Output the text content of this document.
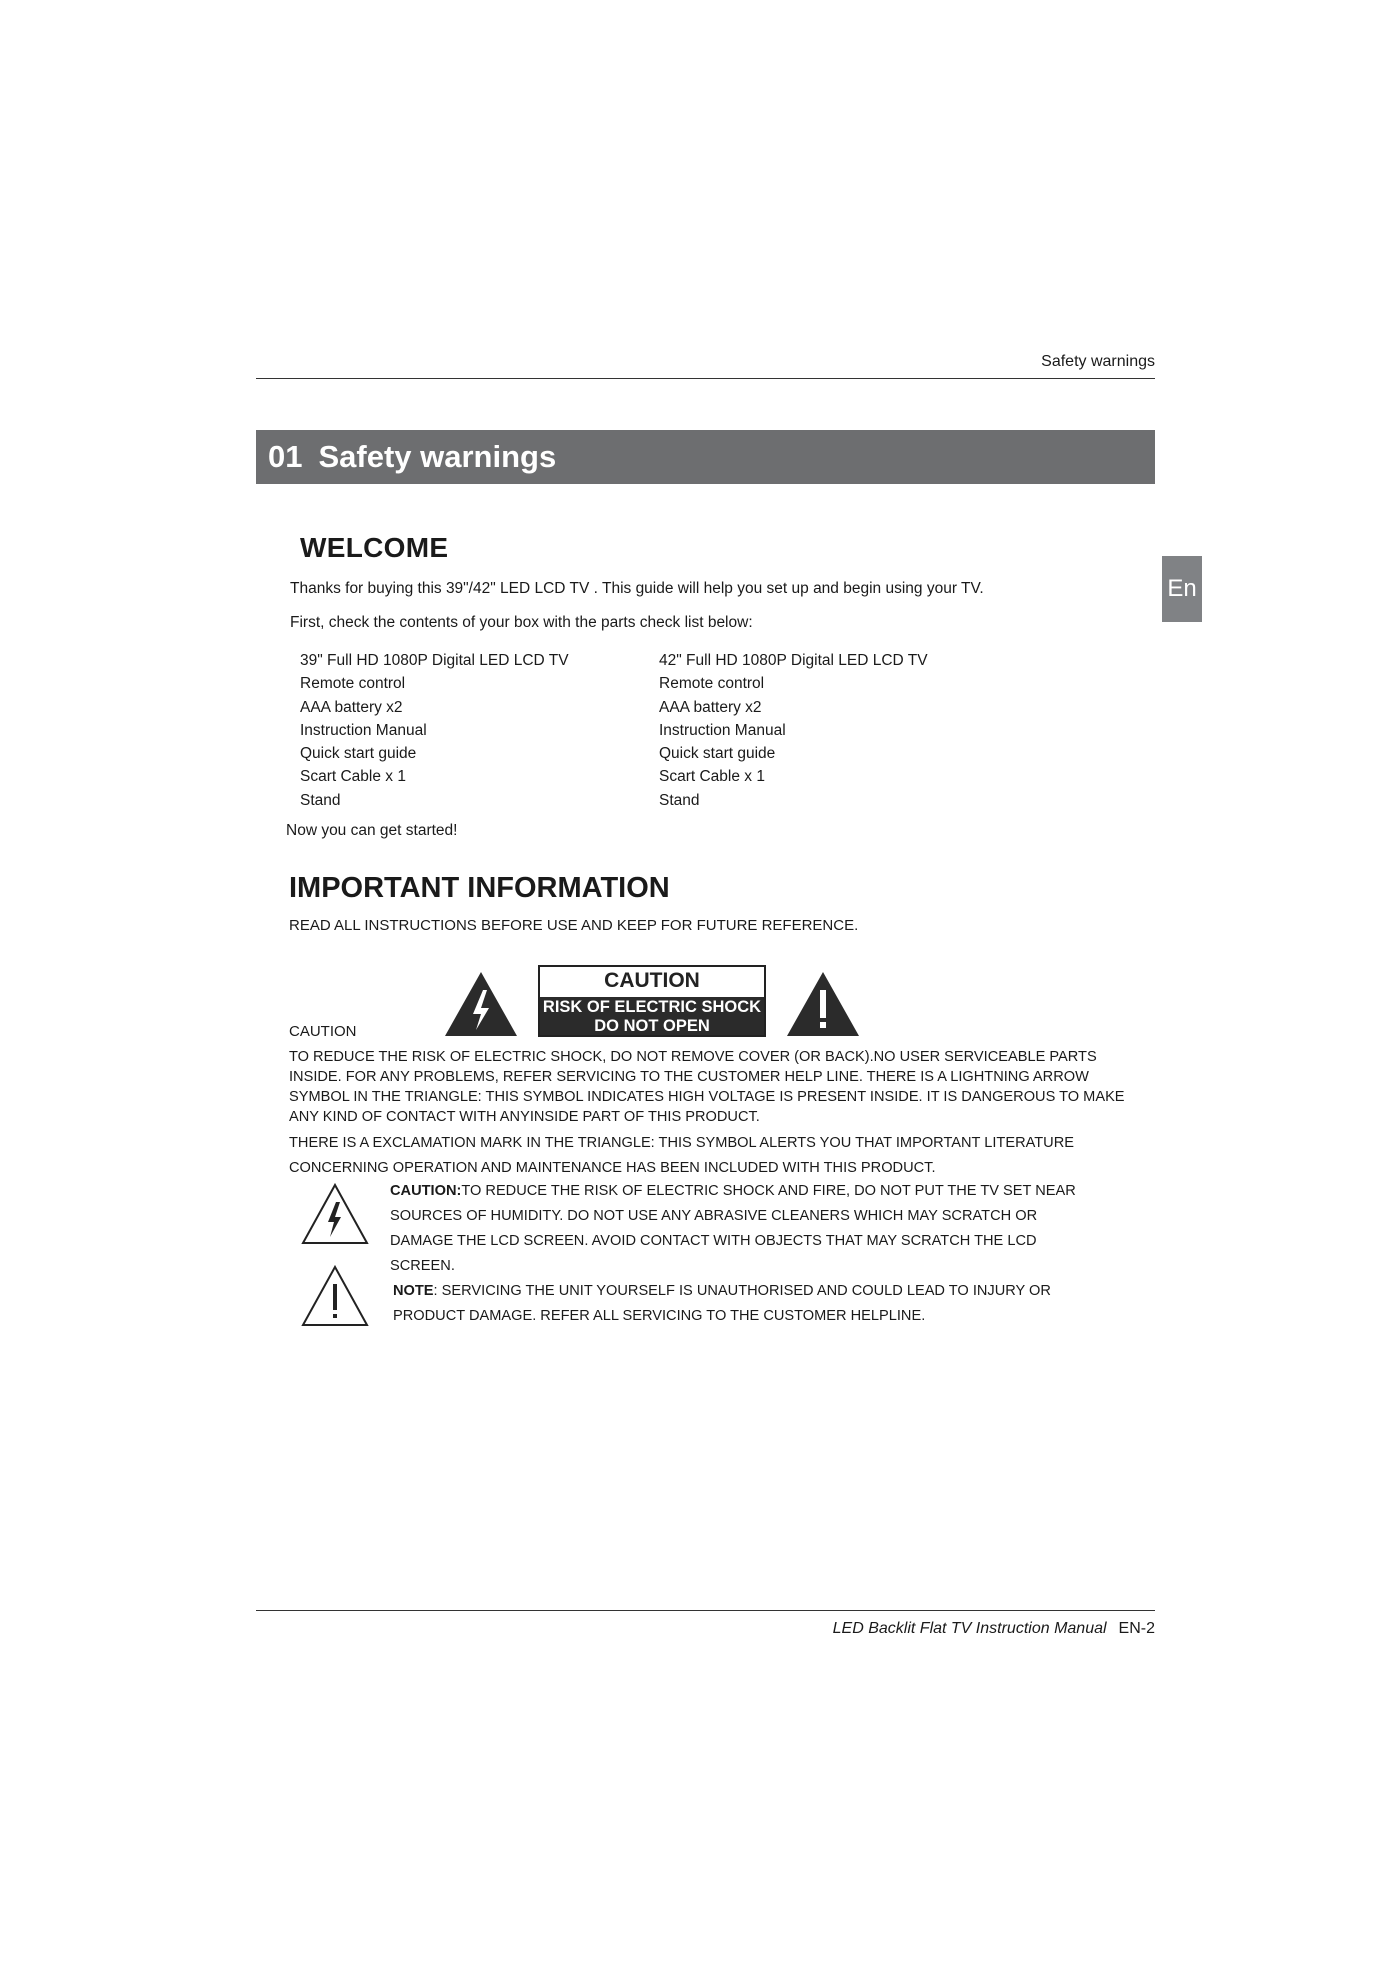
Safety warnings
01 Safety warnings
En
WELCOME
Thanks for buying this 39"/42" LED LCD TV . This guide will help you set up and begin using your TV.
First, check the contents of your box with the parts check list below:
39" Full HD 1080P Digital LED LCD TV
Remote control
AAA battery x2
Instruction Manual
Quick start guide
Scart Cable x 1
Stand
42" Full HD 1080P Digital LED LCD TV
Remote control
AAA battery x2
Instruction Manual
Quick start guide
Scart Cable x 1
Stand
Now you can get started!
IMPORTANT INFORMATION
READ ALL INSTRUCTIONS BEFORE USE AND KEEP FOR FUTURE REFERENCE.
CAUTION
RISK OF ELECTRIC SHOCK
DO NOT OPEN
CAUTION
TO REDUCE THE RISK OF ELECTRIC SHOCK, DO NOT REMOVE COVER (OR BACK).NO USER SERVICEABLE PARTS INSIDE. FOR ANY PROBLEMS, REFER SERVICING TO THE CUSTOMER HELP LINE. THERE IS A LIGHTNING ARROW SYMBOL IN THE TRIANGLE: THIS SYMBOL INDICATES HIGH VOLTAGE IS PRESENT INSIDE. IT IS DANGEROUS TO MAKE ANY KIND OF CONTACT WITH ANYINSIDE PART OF THIS PRODUCT.
THERE IS A EXCLAMATION MARK IN THE TRIANGLE: THIS SYMBOL ALERTS YOU THAT IMPORTANT LITERATURE CONCERNING OPERATION AND MAINTENANCE HAS BEEN INCLUDED WITH THIS PRODUCT.
CAUTION:TO REDUCE THE RISK OF ELECTRIC SHOCK AND FIRE, DO NOT PUT THE TV SET NEAR SOURCES OF HUMIDITY. DO NOT USE ANY ABRASIVE CLEANERS WHICH MAY SCRATCH OR DAMAGE THE LCD SCREEN. AVOID CONTACT WITH OBJECTS THAT MAY SCRATCH THE LCD SCREEN.
NOTE: SERVICING THE UNIT YOURSELF IS UNAUTHORISED AND COULD LEAD TO INJURY OR PRODUCT DAMAGE. REFER ALL SERVICING TO THE CUSTOMER HELPLINE.
LED Backlit Flat TV Instruction Manual EN-2
